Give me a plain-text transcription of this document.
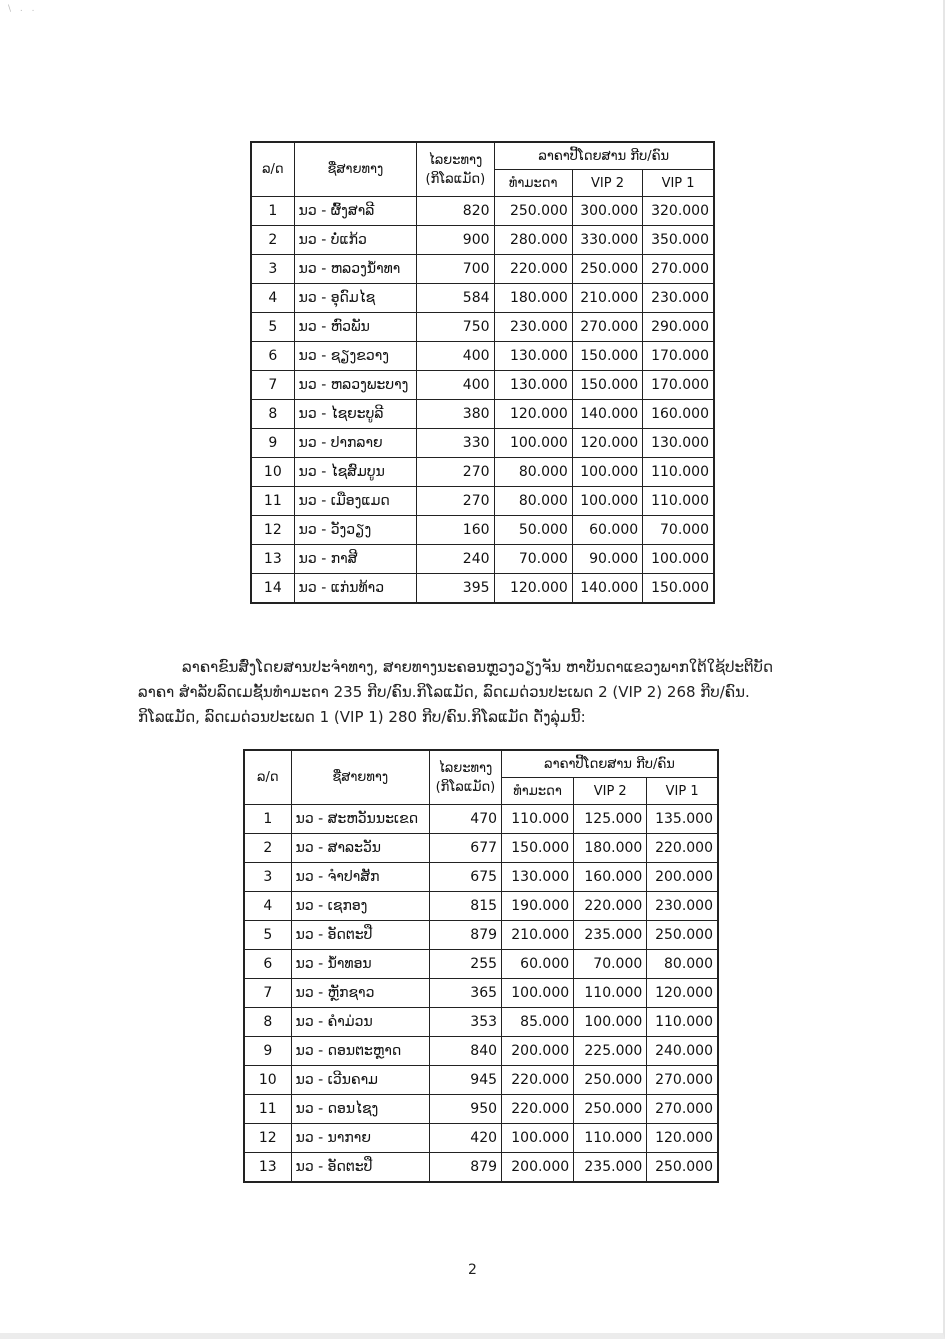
\ . .
ລ/ດ	ຊື່ສາຍທາງ	ໄລຍະທາງ
(ກິໂລແມັດ)	ລາຄາປີ້ໂດຍສານ ກີບ/ຄົນ		
			ທຳມະດາ	VIP 2	VIP 1
1	ນວ - ຜົ້ງສາລີ	820	250.000	300.000	320.000
2	ນວ - ບໍ່ແກ້ວ	900	280.000	330.000	350.000
3	ນວ - ຫລວງນ້ຳທາ	700	220.000	250.000	270.000
4	ນວ - ອຸດົມໄຊ	584	180.000	210.000	230.000
5	ນວ - ຫົວພັນ	750	230.000	270.000	290.000
6	ນວ - ຊຽງຂວາງ	400	130.000	150.000	170.000
7	ນວ - ຫລວງພະບາງ	400	130.000	150.000	170.000
8	ນວ - ໄຊຍະບູລີ	380	120.000	140.000	160.000
9	ນວ - ປາກລາຍ	330	100.000	120.000	130.000
10	ນວ - ໄຊສົມບູນ	270	80.000	100.000	110.000
11	ນວ - ເມືອງແມດ	270	80.000	100.000	110.000
12	ນວ - ວັງວຽງ	160	50.000	60.000	70.000
13	ນວ - ກາສີ	240	70.000	90.000	100.000
14	ນວ - ແກ່ນທ້າວ	395	120.000	140.000	150.000
ລາຄາຂົນສົ່ງໂດຍສານປະຈຳທາງ, ສາຍທາງນະຄອນຫຼວງວຽງຈັນ ຫາບັນດາແຂວງພາກໃຕ້ໃຊ້ປະຕິບັດ
ລາຄາ ສຳລັບລົດເມຊັ້ນທຳມະດາ 235 ກີບ/ຄົນ.ກິໂລແມັດ, ລົດເມດ່ວນປະເພດ 2 (VIP 2) 268 ກີບ/ຄົນ.
ກິໂລແມັດ, ລົດເມດ່ວນປະເພດ 1 (VIP 1) 280 ກີບ/ຄົນ.ກິໂລແມັດ ດັ່ງລຸ່ມນີ້:
ລ/ດ	ຊື່ສາຍທາງ	ໄລຍະທາງ
(ກິໂລແມັດ)	ລາຄາປີ້ໂດຍສານ ກີບ/ຄົນ		
			ທຳມະດາ	VIP 2	VIP 1
1	ນວ - ສະຫວັນນະເຂດ	470	110.000	125.000	135.000
2	ນວ - ສາລະວັນ	677	150.000	180.000	220.000
3	ນວ - ຈຳປາສັກ	675	130.000	160.000	200.000
4	ນວ - ເຊກອງ	815	190.000	220.000	230.000
5	ນວ - ອັດຕະປື	879	210.000	235.000	250.000
6	ນວ - ນ້ຳທອນ	255	60.000	70.000	80.000
7	ນວ - ຫຼັກຊາວ	365	100.000	110.000	120.000
8	ນວ - ຄຳມ່ວນ	353	85.000	100.000	110.000
9	ນວ - ດອນຕະຫຼາດ	840	200.000	225.000	240.000
10	ນວ - ເວີນຄາມ	945	220.000	250.000	270.000
11	ນວ - ດອນໄຊງ	950	220.000	250.000	270.000
12	ນວ - ນາກາຍ	420	100.000	110.000	120.000
13	ນວ - ອັດຕະປື	879	200.000	235.000	250.000
2
